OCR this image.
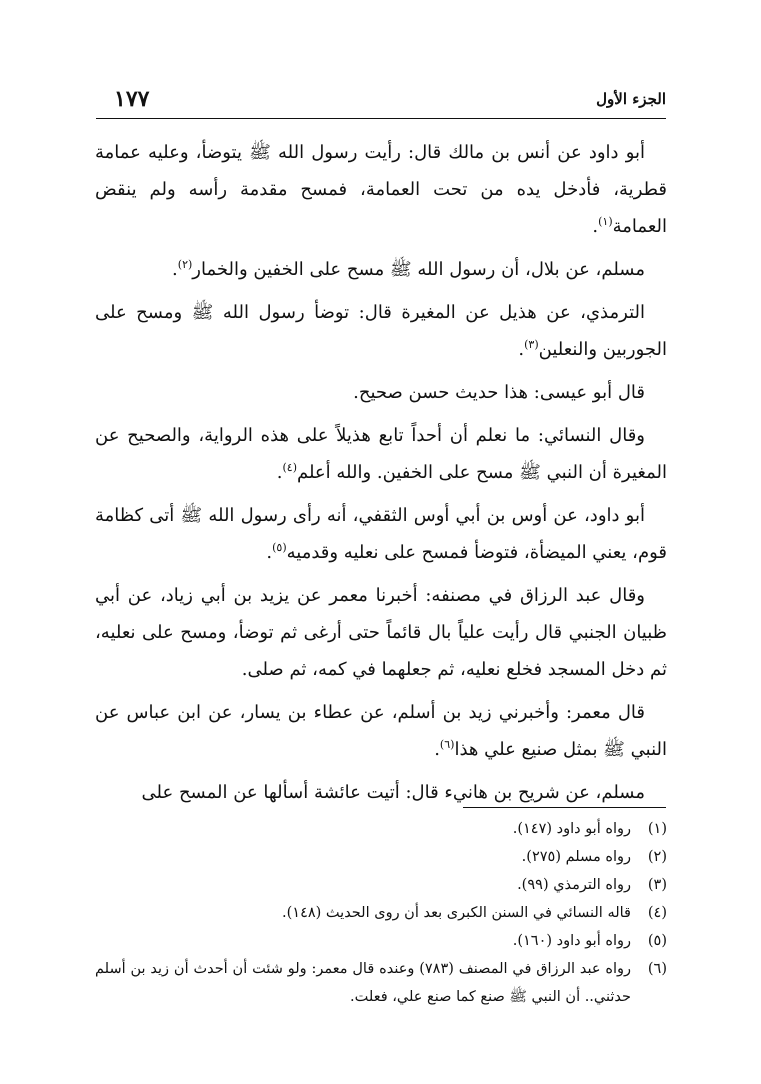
١٧٧	الجزء الأول

أبو داود عن أنس بن مالك قال: رأيت رسول الله ﷺ يتوضأ، وعليه عمامة قطرية، فأدخل يده من تحت العمامة، فمسح مقدمة رأسه ولم ينقض العمامة$^{(١)}$.

مسلم، عن بلال، أن رسول الله ﷺ مسح على الخفين والخمار$^{(٢)}$.

الترمذي، عن هذيل عن المغيرة قال: توضأ رسول الله ﷺ ومسح على الجوربين والنعلين$^{(٣)}$.

قال أبو عيسى: هذا حديث حسن صحيح.

وقال النسائي: ما نعلم أن أحداً تابع هذيلاً على هذه الرواية، والصحيح عن المغيرة أن النبي ﷺ مسح على الخفين. والله أعلم$^{(٤)}$.

أبو داود، عن أوس بن أبي أوس الثقفي، أنه رأى رسول الله ﷺ أتى كظامة قوم، يعني الميضأة، فتوضأ فمسح على نعليه وقدميه$^{(٥)}$.

وقال عبد الرزاق في مصنفه: أخبرنا معمر عن يزيد بن أبي زياد، عن أبي ظبيان الجنبي قال رأيت علياً بال قائماً حتى أرغى ثم توضأ، ومسح على نعليه، ثم دخل المسجد فخلع نعليه، ثم جعلهما في كمه، ثم صلى.

قال معمر: وأخبرني زيد بن أسلم، عن عطاء بن يسار، عن ابن عباس عن النبي ﷺ بمثل صنيع علي هذا$^{(٦)}$.

مسلم، عن شريح بن هانيء قال: أتيت عائشة أسألها عن المسح على

(١)
رواه أبو داود (١٤٧).
(٢)
رواه مسلم (٢٧٥).
(٣)
رواه الترمذي (٩٩).
(٤)
قاله النسائي في السنن الكبرى بعد أن روى الحديث (١٤٨).
(٥)
رواه أبو داود (١٦٠).
(٦)
رواه عبد الرزاق في المصنف (٧٨٣) وعنده قال معمر: ولو شئت أن أحدث أن زيد بن أسلم حدثني.. أن النبي ﷺ صنع كما صنع علي، فعلت.
